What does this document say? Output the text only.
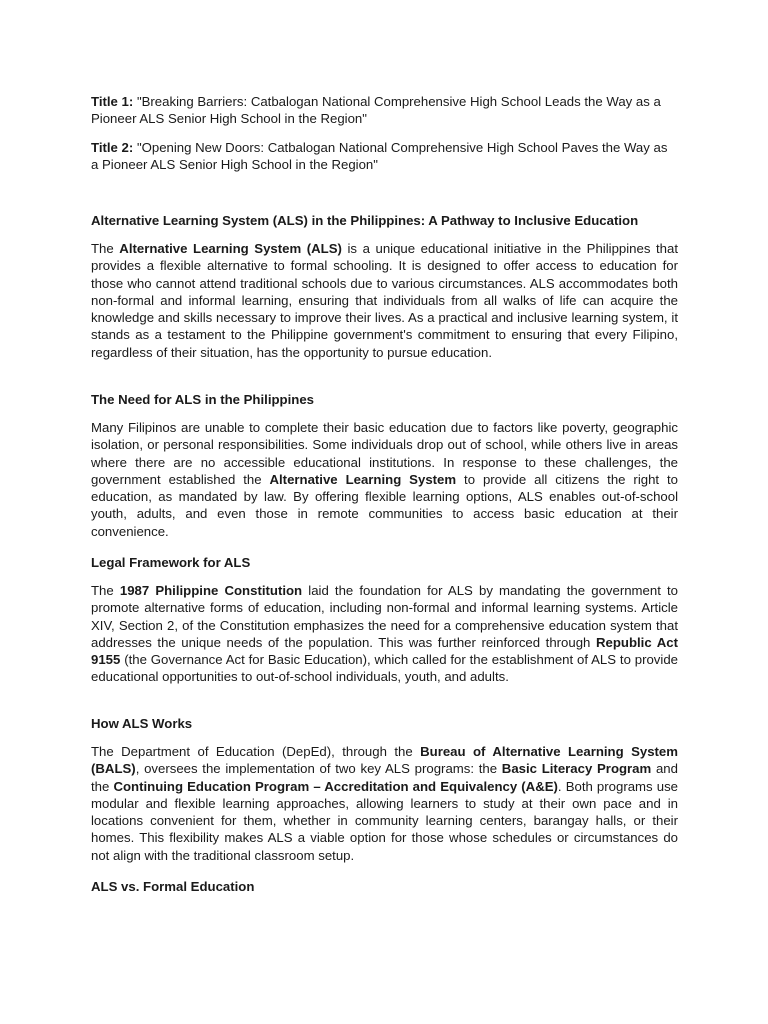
Title 1: "Breaking Barriers: Catbalogan National Comprehensive High School Leads the Way as a Pioneer ALS Senior High School in the Region"

Title 2: "Opening New Doors: Catbalogan National Comprehensive High School Paves the Way as a Pioneer ALS Senior High School in the Region"

Alternative Learning System (ALS) in the Philippines: A Pathway to Inclusive Education

The Alternative Learning System (ALS) is a unique educational initiative in the Philippines that provides a flexible alternative to formal schooling. It is designed to offer access to education for those who cannot attend traditional schools due to various circumstances. ALS accommodates both non-formal and informal learning, ensuring that individuals from all walks of life can acquire the knowledge and skills necessary to improve their lives. As a practical and inclusive learning system, it stands as a testament to the Philippine government's commitment to ensuring that every Filipino, regardless of their situation, has the opportunity to pursue education.

The Need for ALS in the Philippines

Many Filipinos are unable to complete their basic education due to factors like poverty, geographic isolation, or personal responsibilities. Some individuals drop out of school, while others live in areas where there are no accessible educational institutions. In response to these challenges, the government established the Alternative Learning System to provide all citizens the right to education, as mandated by law. By offering flexible learning options, ALS enables out-of-school youth, adults, and even those in remote communities to access basic education at their convenience.

Legal Framework for ALS

The 1987 Philippine Constitution laid the foundation for ALS by mandating the government to promote alternative forms of education, including non-formal and informal learning systems. Article XIV, Section 2, of the Constitution emphasizes the need for a comprehensive education system that addresses the unique needs of the population. This was further reinforced through Republic Act 9155 (the Governance Act for Basic Education), which called for the establishment of ALS to provide educational opportunities to out-of-school individuals, youth, and adults.

How ALS Works

The Department of Education (DepEd), through the Bureau of Alternative Learning System (BALS), oversees the implementation of two key ALS programs: the Basic Literacy Program and the Continuing Education Program – Accreditation and Equivalency (A&E). Both programs use modular and flexible learning approaches, allowing learners to study at their own pace and in locations convenient for them, whether in community learning centers, barangay halls, or their homes. This flexibility makes ALS a viable option for those whose schedules or circumstances do not align with the traditional classroom setup.

ALS vs. Formal Education
